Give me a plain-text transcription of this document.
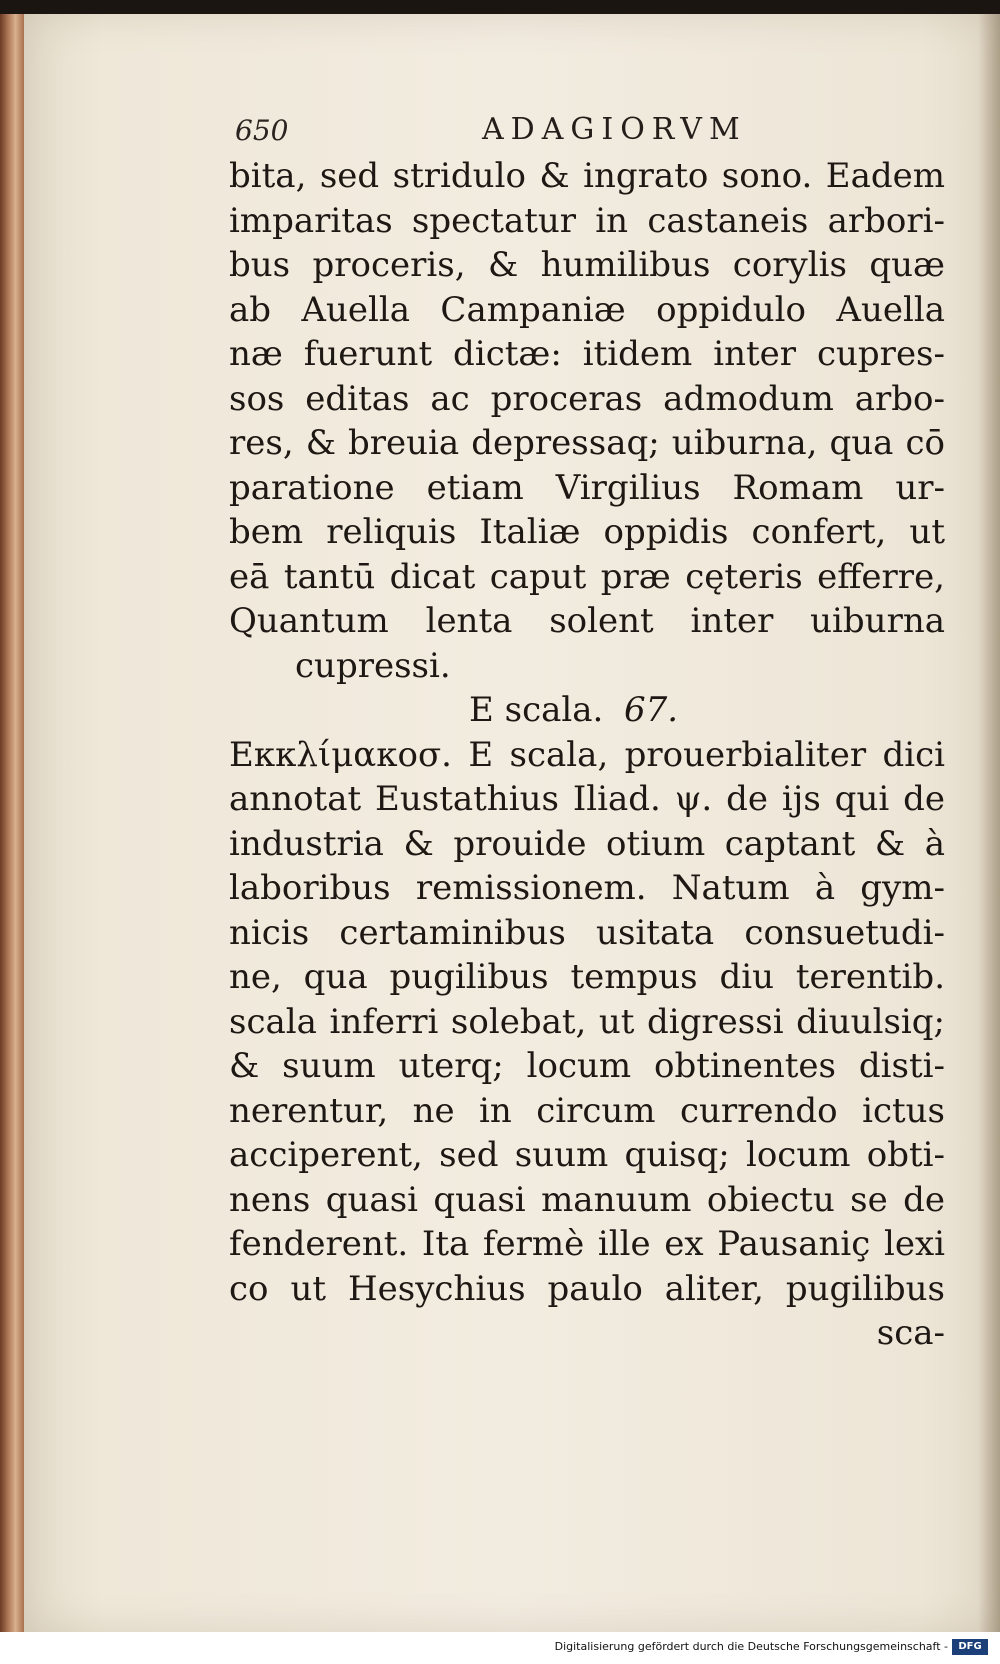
650	ADAGIORVM
bita, sed stridulo & ingrato sono. Eadem
imparitas spectatur in castaneis arbori-
bus proceris, & humilibus corylis quæ
ab Auella Campaniæ oppidulo Auella
næ fuerunt dictæ: itidem inter cupres-
sos editas ac proceras admodum arbo-
res, & breuia depressaq; uiburna, qua cō
paratione etiam Virgilius Romam ur-
bem reliquis Italiæ oppidis confert, ut
eā tantū dicat caput præ cęteris efferre,
Quantum lenta solent inter uiburna
cupressi.
E scala. 67.
Εκκλίμακοσ. E scala, prouerbialiter dici
annotat Eustathius Iliad. ψ. de ijs qui de
industria & prouide otium captant & à
laboribus remissionem. Natum à gym-
nicis certaminibus usitata consuetudi-
ne, qua pugilibus tempus diu terentib.
scala inferri solebat, ut digressi diuulsiq;
& suum uterq; locum obtinentes disti-
nerentur, ne in circum currendo ictus
acciperent, sed suum quisq; locum obti-
nens quasi quasi manuum obiectu se de
fenderent. Ita fermè ille ex Pausaniç lexi
co ut Hesychius paulo aliter, pugilibus
sca-
Digitalisierung gefördert durch die Deutsche Forschungsgemeinschaft -	DFG
